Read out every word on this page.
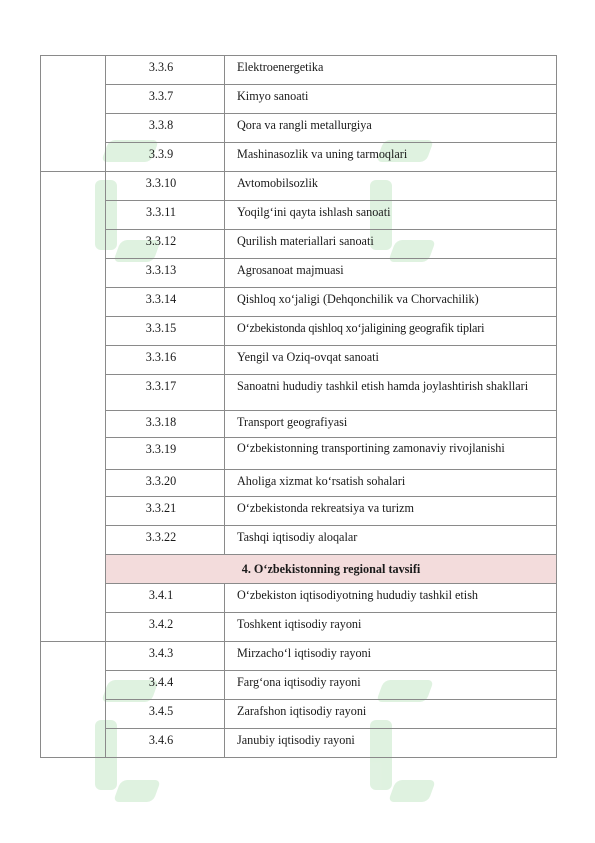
	3.3.6	Elektroenergetika
	3.3.7	Kimyo sanoati
	3.3.8	Qora va rangli metallurgiya
	3.3.9	Mashinasozlik va uning tarmoqlari
	3.3.10	Avtomobilsozlik
	3.3.11	Yoqilg‘ini qayta ishlash sanoati
	3.3.12	Qurilish materiallari sanoati
	3.3.13	Agrosanoat majmuasi
	3.3.14	Qishloq xo‘jaligi (Dehqonchilik va Chorvachilik)
	3.3.15	O‘zbekistonda qishloq xo‘jaligining geografik tiplari
	3.3.16	Yengil va Oziq-ovqat sanoati
	3.3.17	Sanoatni hududiy tashkil etish hamda joylashtirish shakllari
	3.3.18	Transport geografiyasi
	3.3.19	O‘zbekistonning transportining zamonaviy rivojlanishi
	3.3.20	Aholiga xizmat ko‘rsatish sohalari
	3.3.21	O‘zbekistonda rekreatsiya va turizm
	3.3.22	Tashqi iqtisodiy aloqalar
	4. O‘zbekistonning regional tavsifi	
	3.4.1	O‘zbekiston iqtisodiyotning hududiy tashkil etish
	3.4.2	Toshkent iqtisodiy rayoni
	3.4.3	Mirzacho‘l iqtisodiy rayoni
	3.4.4	Farg‘ona iqtisodiy rayoni
	3.4.5	Zarafshon iqtisodiy rayoni
	3.4.6	Janubiy iqtisodiy rayoni
